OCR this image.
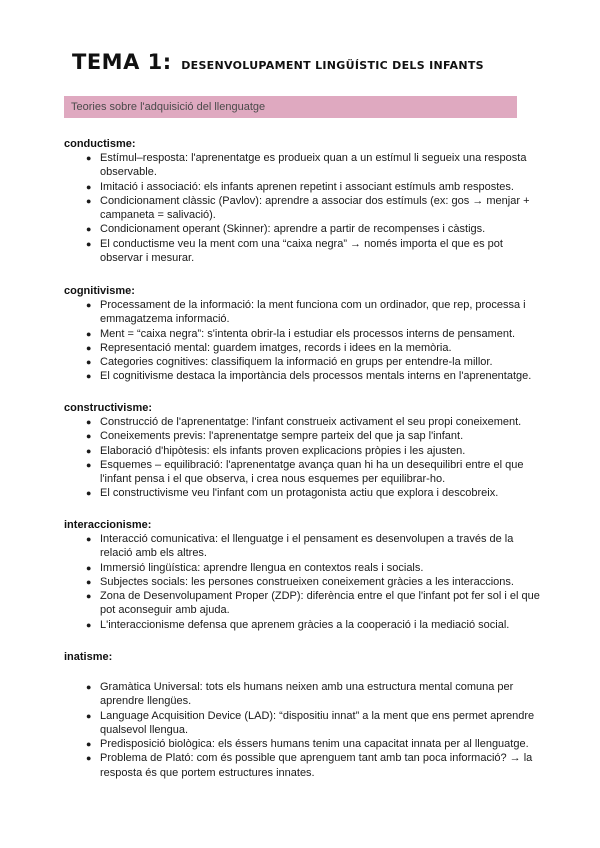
TEMA 1: DESENVOLUPAMENT LINGÜÍSTIC DELS INFANTS
Teories sobre l'adquisició del llenguatge
conductisme:
● Estímul–resposta: l'aprenentatge es produeix quan a un estímul li segueix una resposta observable.
● Imitació i associació: els infants aprenen repetint i associant estímuls amb respostes.
● Condicionament clàssic (Pavlov): aprendre a associar dos estímuls (ex: gos → menjar + campaneta = salivació).
● Condicionament operant (Skinner): aprendre a partir de recompenses i càstigs.
● El conductisme veu la ment com una “caixa negra” → només importa el que es pot observar i mesurar.
cognitivisme:
● Processament de la informació: la ment funciona com un ordinador, que rep, processa i emmagatzema informació.
● Ment = “caixa negra”: s'intenta obrir-la i estudiar els processos interns de pensament.
● Representació mental: guardem imatges, records i idees en la memòria.
● Categories cognitives: classifiquem la informació en grups per entendre-la millor.
● El cognitivisme destaca la importància dels processos mentals interns en l'aprenentatge.
constructivisme:
● Construcció de l'aprenentatge: l'infant construeix activament el seu propi coneixement.
● Coneixements previs: l'aprenentatge sempre parteix del que ja sap l'infant.
● Elaboració d'hipòtesis: els infants proven explicacions pròpies i les ajusten.
● Esquemes – equilibració: l'aprenentatge avança quan hi ha un desequilibri entre el que l'infant pensa i el que observa, i crea nous esquemes per equilibrar-ho.
● El constructivisme veu l'infant com un protagonista actiu que explora i descobreix.
interaccionisme:
● Interacció comunicativa: el llenguatge i el pensament es desenvolupen a través de la relació amb els altres.
● Immersió lingüística: aprendre llengua en contextos reals i socials.
● Subjectes socials: les persones construeixen coneixement gràcies a les interaccions.
● Zona de Desenvolupament Proper (ZDP): diferència entre el que l'infant pot fer sol i el que pot aconseguir amb ajuda.
● L'interaccionisme defensa que aprenem gràcies a la cooperació i la mediació social.
inatisme:
● Gramàtica Universal: tots els humans neixen amb una estructura mental comuna per aprendre llengües.
● Language Acquisition Device (LAD): “dispositiu innat” a la ment que ens permet aprendre qualsevol llengua.
● Predisposició biològica: els éssers humans tenim una capacitat innata per al llenguatge.
● Problema de Plató: com és possible que aprenguem tant amb tan poca informació? → la resposta és que portem estructures innates.
